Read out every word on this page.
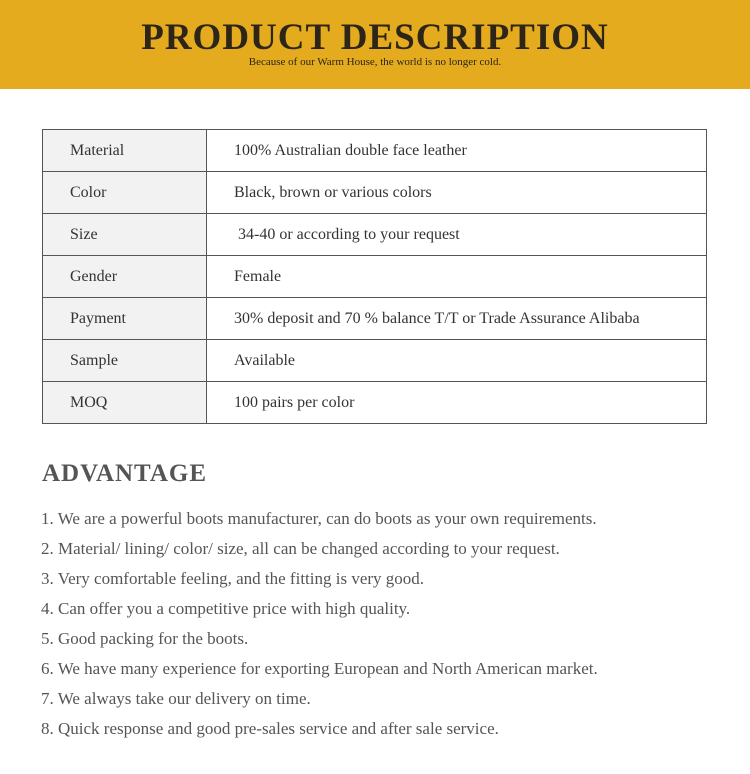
PRODUCT DESCRIPTION
Because of our Warm House, the world is no longer cold.
Material	100% Australian double face leather
Color	Black, brown or various colors
Size	34-40 or according to your request
Gender	Female
Payment	30% deposit and 70 % balance T/T or Trade Assurance Alibaba
Sample	Available
MOQ	100 pairs per color
ADVANTAGE
1. We are a powerful boots manufacturer, can do boots as your own requirements.
2. Material/ lining/ color/ size, all can be changed according to your request.
3. Very comfortable feeling, and the fitting is very good.
4. Can offer you a competitive price with high quality.
5. Good packing for the boots.
6. We have many experience for exporting European and North American market.
7. We always take our delivery on time.
8. Quick response and good pre-sales service and after sale service.
